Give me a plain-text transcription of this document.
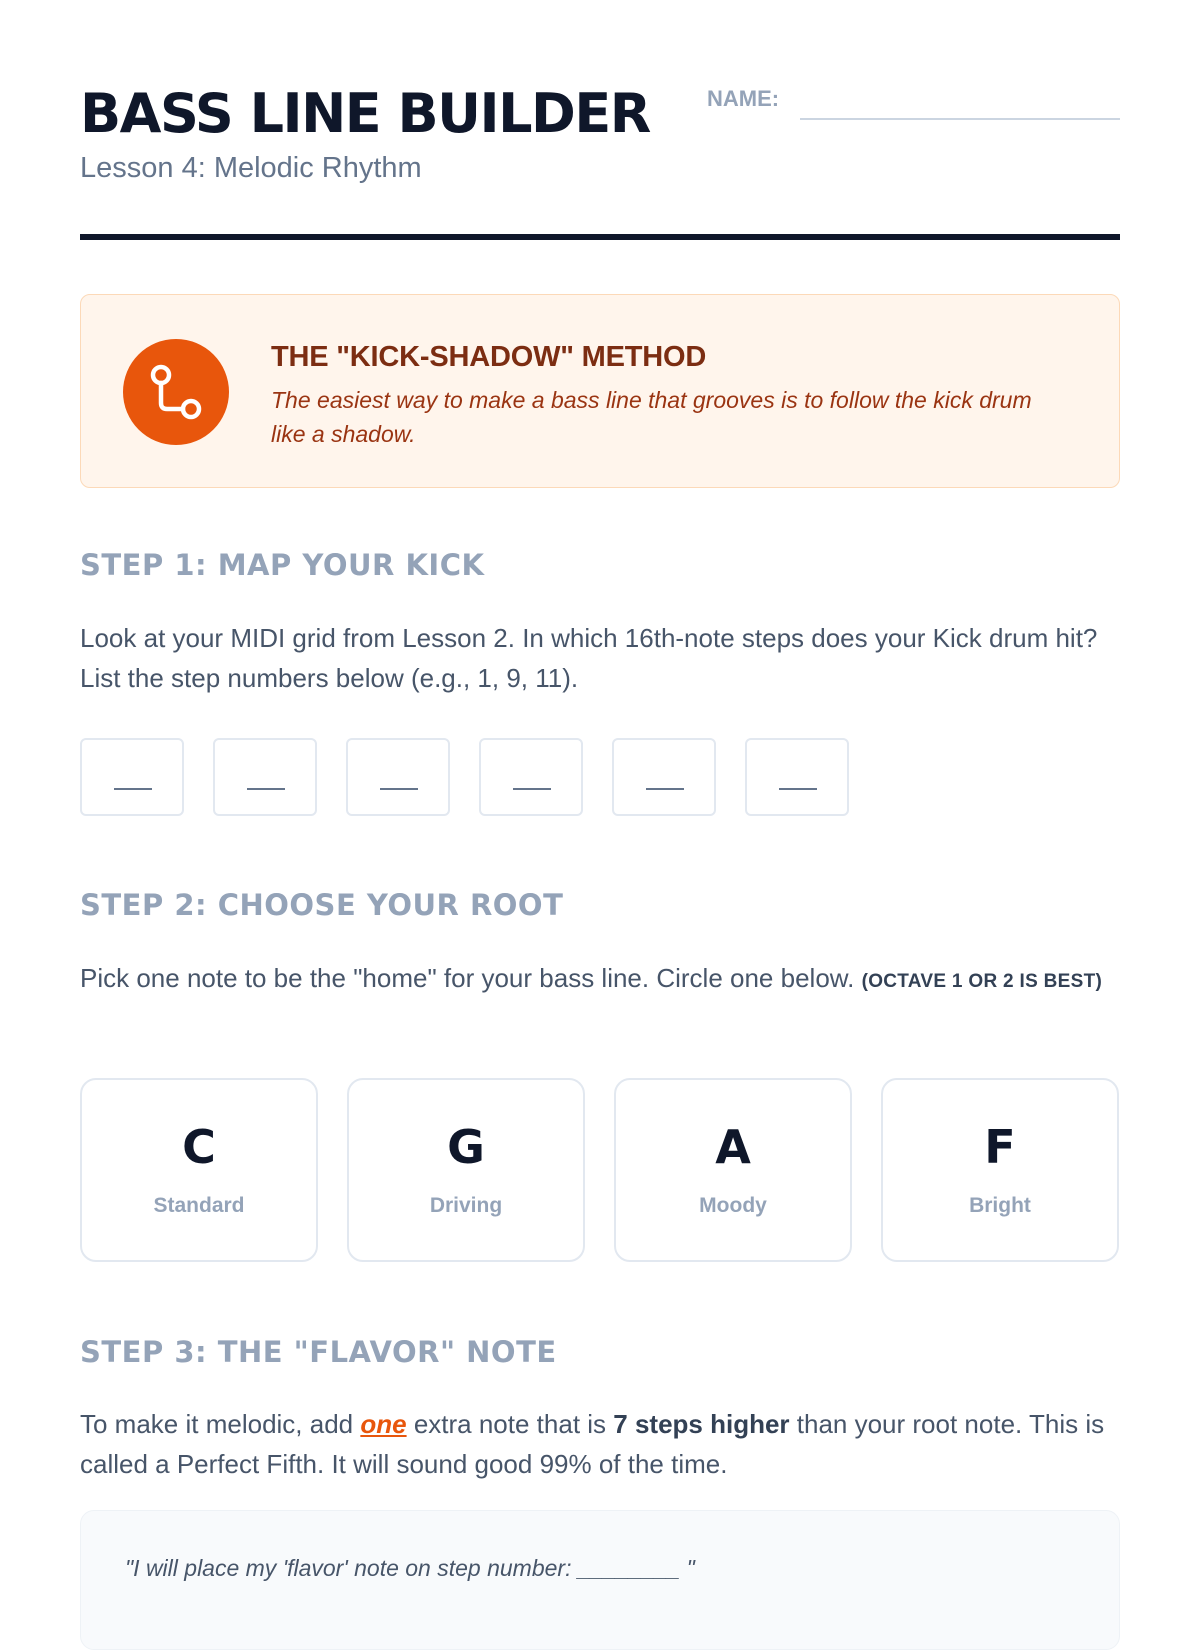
BASS LINE BUILDER	NAME:
Lesson 4: Melodic Rhythm
THE "KICK-SHADOW" METHOD
The easiest way to make a bass line that grooves is to follow the kick drum like a shadow.
STEP 1: MAP YOUR KICK
Look at your MIDI grid from Lesson 2. In which 16th-note steps does your Kick drum hit? List the step numbers below (e.g., 1, 9, 11).
STEP 2: CHOOSE YOUR ROOT
Pick one note to be the "home" for your bass line. Circle one below. (OCTAVE 1 OR 2 IS BEST)
C
Standard
G
Driving
A
Moody
F
Bright
STEP 3: THE "FLAVOR" NOTE
To make it melodic, add one extra note that is 7 steps higher than your root note. This is called a Perfect Fifth. It will sound good 99% of the time.
"I will place my 'flavor' note on step number: ________ "
